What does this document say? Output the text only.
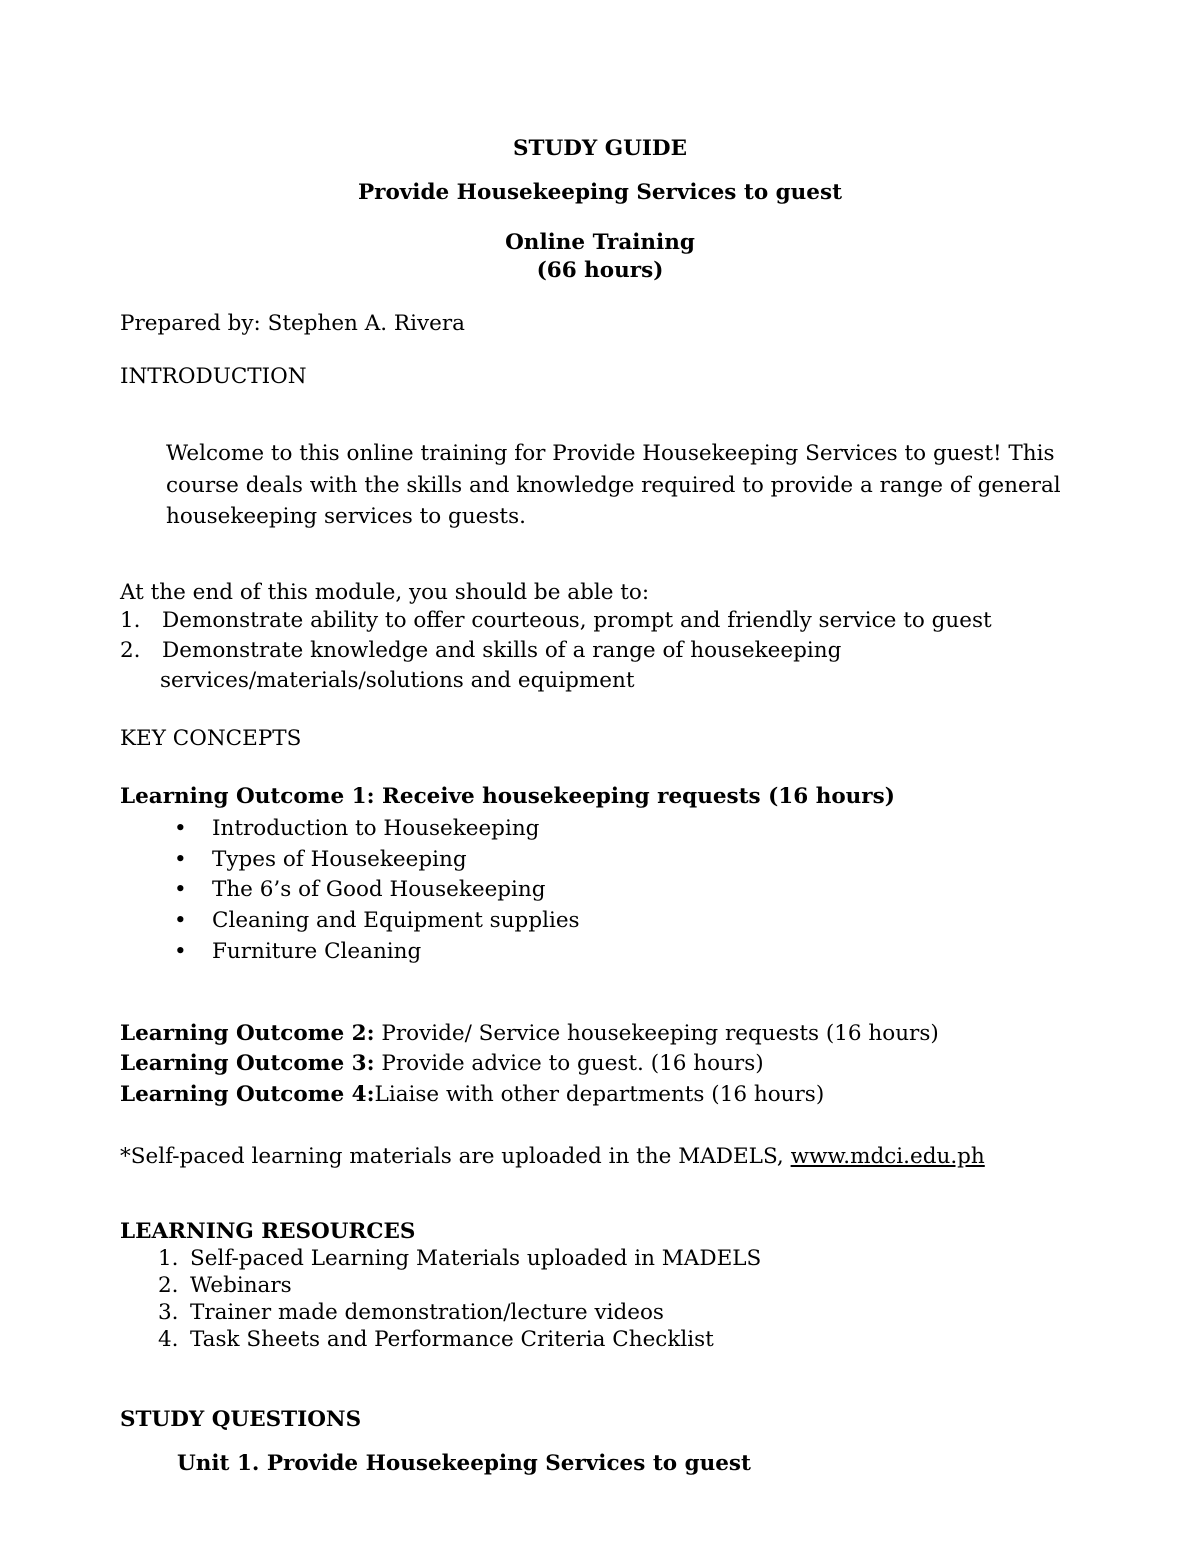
STUDY GUIDE
Provide Housekeeping Services to guest
Online Training
(66 hours)
Prepared by: Stephen A. Rivera
INTRODUCTION
Welcome to this online training for Provide Housekeeping Services to guest! This
course deals with the skills and knowledge required to provide a range of general
housekeeping services to guests.
At the end of this module, you should be able to:
1. Demonstrate ability to offer courteous, prompt and friendly service to guest
2. Demonstrate knowledge and skills of a range of housekeeping
services/materials/solutions and equipment
KEY CONCEPTS
Learning Outcome 1: Receive housekeeping requests (16 hours)
• Introduction to Housekeeping
• Types of Housekeeping
• The 6’s of Good Housekeeping
• Cleaning and Equipment supplies
• Furniture Cleaning
Learning Outcome 2: Provide/ Service housekeeping requests (16 hours)
Learning Outcome 3: Provide advice to guest. (16 hours)
Learning Outcome 4:Liaise with other departments (16 hours)
*Self-paced learning materials are uploaded in the MADELS, www.mdci.edu.ph
LEARNING RESOURCES
1. Self-paced Learning Materials uploaded in MADELS
2. Webinars
3. Trainer made demonstration/lecture videos
4. Task Sheets and Performance Criteria Checklist
STUDY QUESTIONS
Unit 1. Provide Housekeeping Services to guest
